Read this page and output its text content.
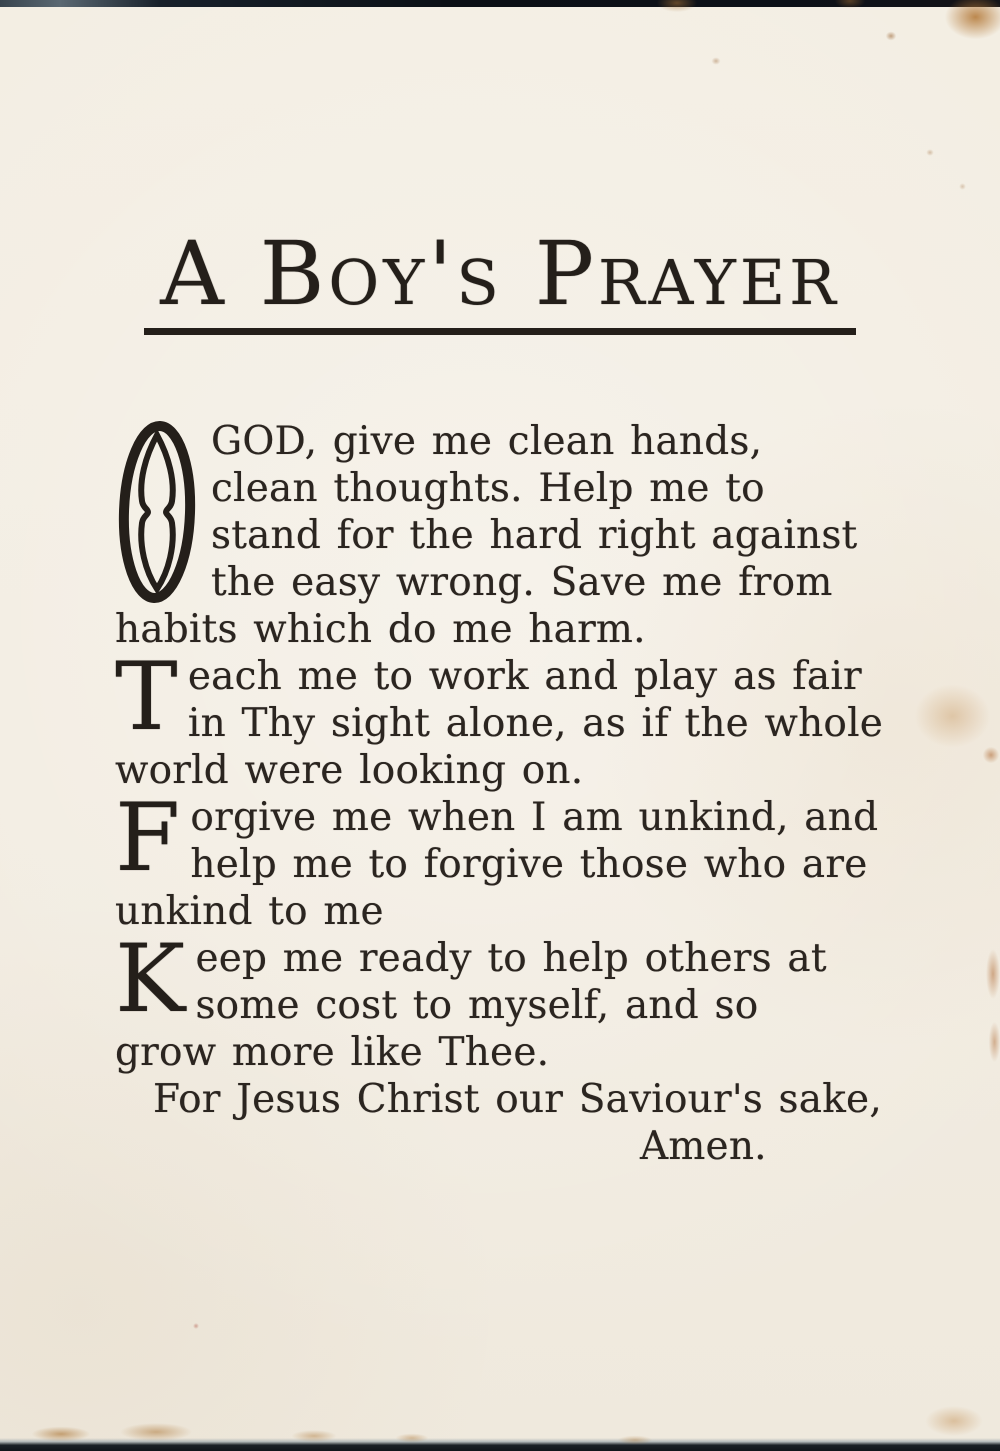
A Boy's Prayer
GOD, give me clean hands,
clean thoughts. Help me to
stand for the hard right against
the easy wrong. Save me from
habits which do me harm.
T each me to work and play as fair
in Thy sight alone, as if the whole
world were looking on.
F orgive me when I am unkind, and
help me to forgive those who are
unkind to me
K eep me ready to help others at
some cost to myself, and so
grow more like Thee.
For Jesus Christ our Saviour's sake,
Amen.
